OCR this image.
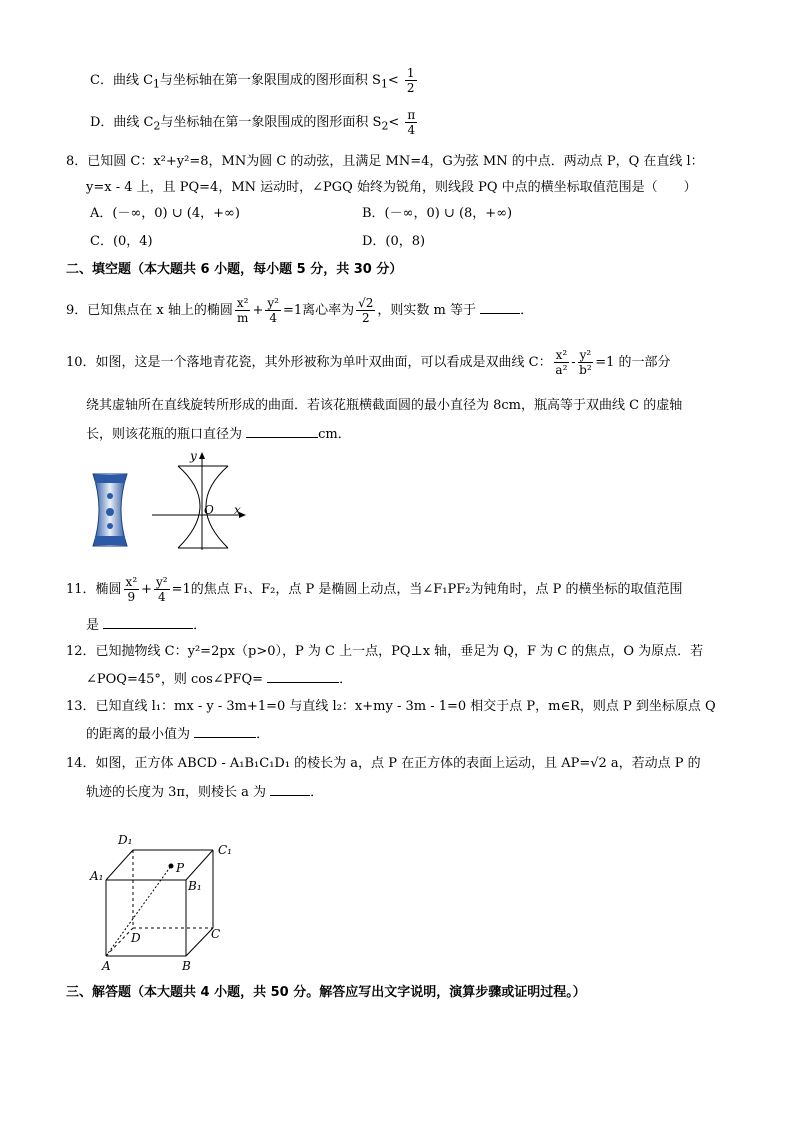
C．曲线 $C_1$与坐标轴在第一象限围成的图形面积 $S_1< \frac{1}{2}$
D．曲线 $C_2$与坐标轴在第一象限围成的图形面积 $S_2< \frac{\pi}{4}$
8．已知圆 C：x²+y²=8，MN为圆 C 的动弦，且满足 MN=4，G为弦 MN 的中点．两动点 P，Q 在直线 l：
y=x - 4 上，且 PQ=4，MN 运动时，∠PGQ 始终为锐角，则线段 PQ 中点的横坐标取值范围是（　　）
A．(－∞，0) ∪ (4，+∞)	B．(－∞，0) ∪ (8，+∞)
C．(0，4)	D．(0，8)
二、填空题（本大题共 6 小题，每小题 5 分，共 30 分）
9．已知焦点在 x 轴上的椭圆 $\frac{\text{x²}}{m} + \frac{\text{y²}}{4} =1$离心率为 $\frac{√2}{2}$ ，则实数 m 等于	．
10．如图，这是一个落地青花瓷，其外形被称为单叶双曲面，可以看成是双曲线 C： $\frac{\text{x²}}{\text{a²}} - \frac{\text{y²}}{\text{b²}} =1$ 的一部分
绕其虚轴所在直线旋转所形成的曲面．若该花瓶横截面圆的最小直径为 8cm，瓶高等于双曲线 C 的虚轴
长，则该花瓶的瓶口直径为	cm．
y
x
O
11．椭圆 $\frac{\text{x²}}{9} + \frac{\text{y²}}{4} =1$的焦点 F₁、F₂，点 P 是椭圆上动点，当∠F₁PF₂为钝角时，点 P 的横坐标的取值范围
是	．
12．已知抛物线 C：y²=2px（p>0），P 为 C 上一点，PQ⊥x 轴，垂足为 Q，F 为 C 的焦点，O 为原点．若
∠POQ=45°，则 cos∠PFQ=	．
13．已知直线 l₁：mx - y - 3m+1=0 与直线 l₂：x+my - 3m - 1=0 相交于点 P，m∈R，则点 P 到坐标原点 Q
的距离的最小值为	．
14．如图，正方体 ABCD - A₁B₁C₁D₁ 的棱长为 a，点 P 在正方体的表面上运动，且 AP=√2 a，若动点 P 的
轨迹的长度为 3π，则棱长 a 为	．
D₁
C₁
A₁
B₁
P
D	C
A	B
三、解答题（本大题共 4 小题，共 50 分。解答应写出文字说明，演算步骤或证明过程。）
